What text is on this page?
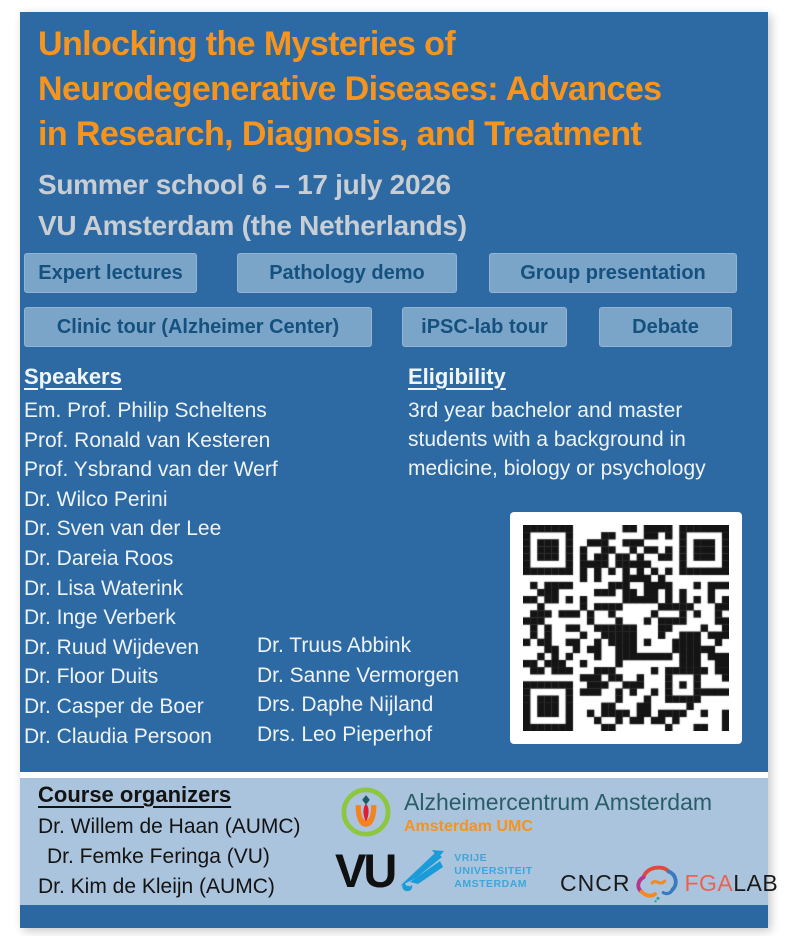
Unlocking the Mysteries of
Neurodegenerative Diseases: Advances
in Research, Diagnosis, and Treatment
Summer school 6 – 17 july 2026
VU Amsterdam (the Netherlands)
Expert lectures	Pathology demo	Group presentation
Clinic tour (Alzheimer Center)	iPSC-lab tour	Debate
Speakers
Em. Prof. Philip Scheltens
Prof. Ronald van Kesteren
Prof. Ysbrand van der Werf
Dr. Wilco Perini
Dr. Sven van der Lee
Dr. Dareia Roos
Dr. Lisa Waterink
Dr. Inge Verberk
Dr. Ruud Wijdeven
Dr. Floor Duits
Dr. Casper de Boer
Dr. Claudia Persoon
Dr. Truus Abbink
Dr. Sanne Vermorgen
Drs. Daphe Nijland
Drs. Leo Pieperhof
Eligibility
3rd year bachelor and master
students with a background in
medicine, biology or psychology
Course organizers
Dr. Willem de Haan (AUMC)
Dr. Femke Feringa (VU)
Dr. Kim de Kleijn (AUMC)
Alzheimercentrum Amsterdam
Amsterdam UMC
VU	VRIJE
UNIVERSITEIT
AMSTERDAM CNCR FGA LAB
